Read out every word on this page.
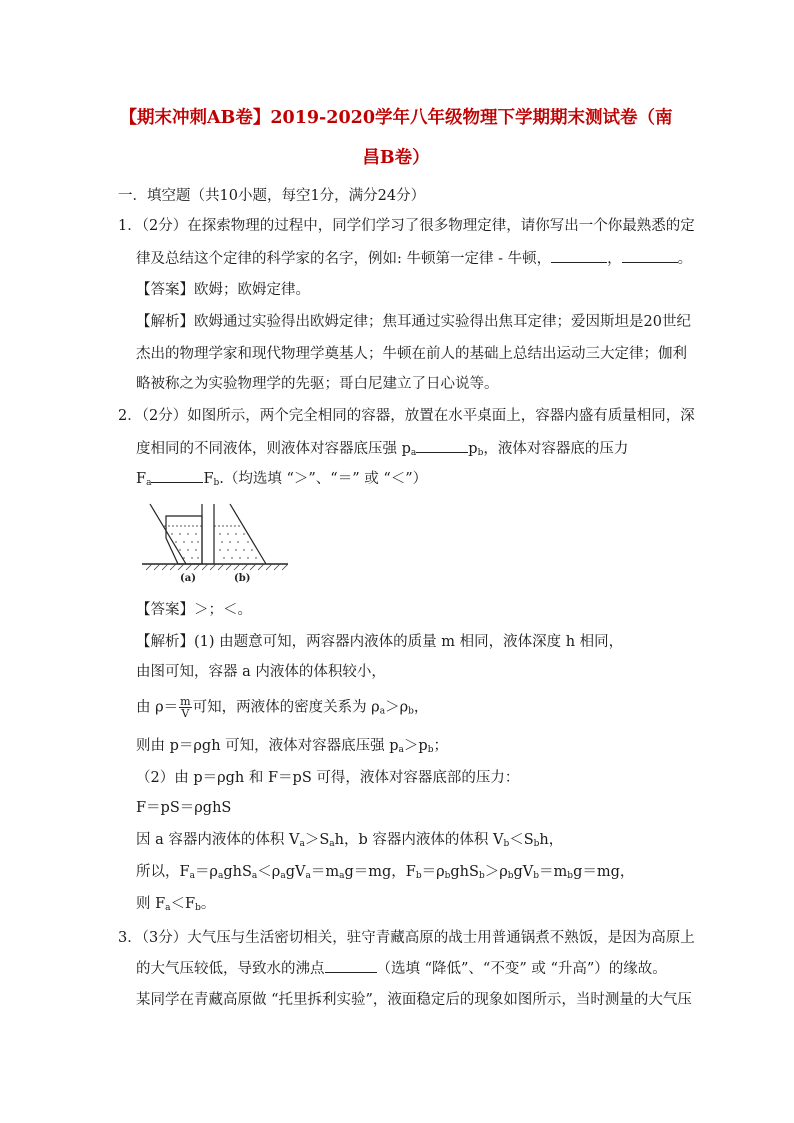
【期末冲刺AB卷】2019-2020学年八年级物理下学期期末测试卷（南
昌B卷）
一．填空题（共10小题，每空1分，满分24分）
1．（2分）在探索物理的过程中，同学们学习了很多物理定律，请你写出一个你最熟悉的定
律及总结这个定律的科学家的名字，例如: 牛顿第一定律 - 牛顿，	，	。
【答案】欧姆；欧姆定律。
【解析】欧姆通过实验得出欧姆定律；焦耳通过实验得出焦耳定律；爱因斯坦是20世纪
杰出的物理学家和现代物理学奠基人；牛顿在前人的基础上总结出运动三大定律；伽利
略被称之为实验物理学的先驱；哥白尼建立了日心说等。
2．（2分）如图所示，两个完全相同的容器，放置在水平桌面上，容器内盛有质量相同，深
度相同的不同液体，则液体对容器底压强 $p_a$	$p_b$，液体对容器底的压力
$F_a$	$F_b$.（均选填 “＞”、“＝” 或 “＜”）
(a)	(b)
【答案】＞；＜。
【解析】(1) 由题意可知，两容器内液体的质量 m 相同，液体深度 h 相同，
由图可知，容器 a 内液体的体积较小，
由 $\rho= \frac{m}{V}$ 可知，两液体的密度关系为 $\rho_a>\rho_b$，
则由 p＝ρgh 可知，液体对容器底压强 $p_a>p_b$；
（2）由 p＝ρgh 和 F＝pS 可得，液体对容器底部的压力：
F＝pS＝ρghS
因 a 容器内液体的体积 $V_a>S_ah$，b 容器内液体的体积 $V_b<S_bh$，
所以，$F_a=\rho_aghS_a<\rho_agV_a=m_ag=mg$，$F_b=\rho_bghS_b>\rho_bgV_b=m_bg=mg$，
则 $F_a<F_b$。
3．（3分）大气压与生活密切相关，驻守青藏高原的战士用普通锅煮不熟饭，是因为高原上
的大气压较低，导致水的沸点	（选填 “降低”、“不变” 或 “升高”）的缘故。
某同学在青藏高原做 “托里拆利实验”，液面稳定后的现象如图所示，当时测量的大气压
